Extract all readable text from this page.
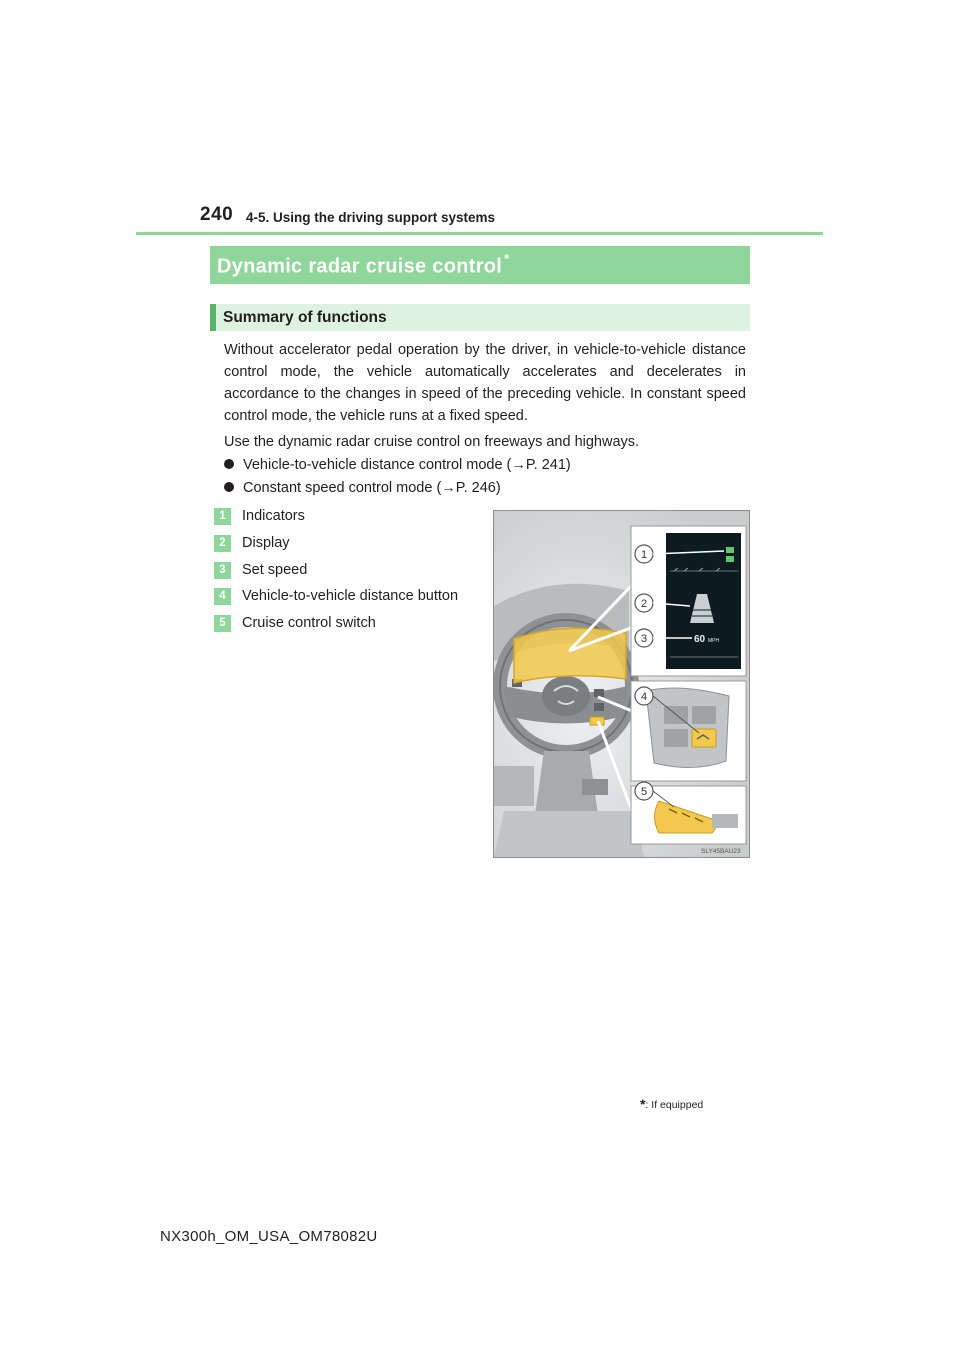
240 4-5. Using the driving support systems
Dynamic radar cruise control *
Summary of functions
Without accelerator pedal operation by the driver, in vehicle-to-vehicle distance control mode, the vehicle automatically accelerates and decelerates in accordance to the changes in speed of the preceding vehicle. In constant speed control mode, the vehicle runs at a fixed speed.
Use the dynamic radar cruise control on freeways and highways.
Vehicle-to-vehicle distance control mode (→P. 241)
Constant speed control mode (→P. 246)
1 Indicators
2 Display
3 Set speed
4 Vehicle-to-vehicle distance button
5 Cruise control switch
60 MPH
1
2
3
4
5
SLY45BAU23
*: If equipped
NX300h_OM_USA_OM78082U
